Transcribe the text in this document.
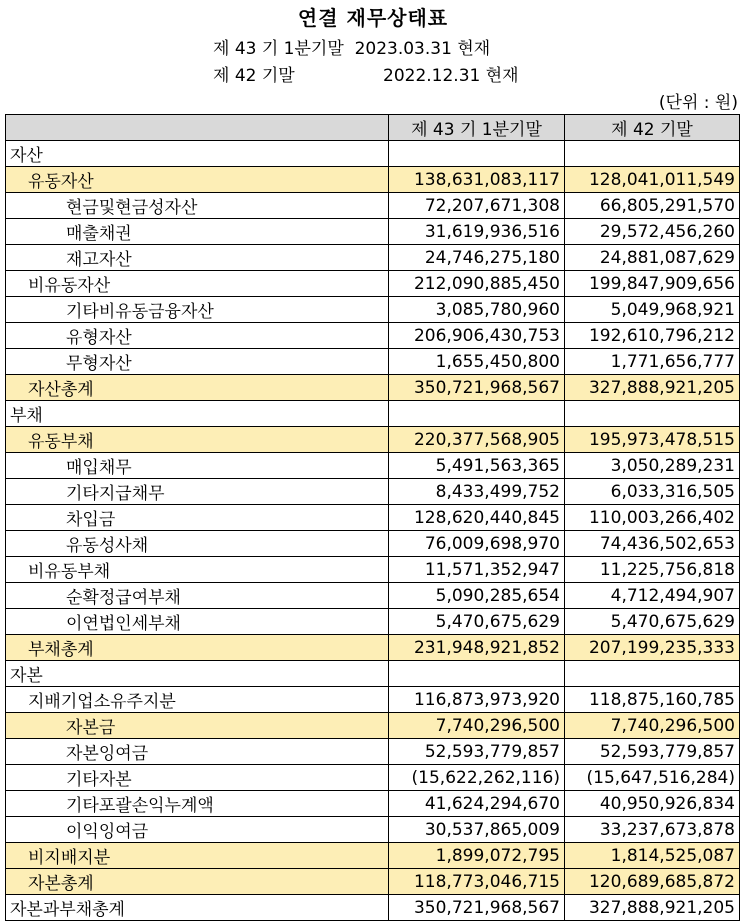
연결 재무상태표
제 43 기 1분기말  2023.03.31 현재
제 42 기말	2022.12.31 현재
(단위 : 원)
	제 43 기 1분기말	제 42 기말
자산		
유동자산	138,631,083,117	128,041,011,549
현금및현금성자산	72,207,671,308	66,805,291,570
매출채권	31,619,936,516	29,572,456,260
재고자산	24,746,275,180	24,881,087,629
비유동자산	212,090,885,450	199,847,909,656
기타비유동금융자산	3,085,780,960	5,049,968,921
유형자산	206,906,430,753	192,610,796,212
무형자산	1,655,450,800	1,771,656,777
자산총계	350,721,968,567	327,888,921,205
부채		
유동부채	220,377,568,905	195,973,478,515
매입채무	5,491,563,365	3,050,289,231
기타지급채무	8,433,499,752	6,033,316,505
차입금	128,620,440,845	110,003,266,402
유동성사채	76,009,698,970	74,436,502,653
비유동부채	11,571,352,947	11,225,756,818
순확정급여부채	5,090,285,654	4,712,494,907
이연법인세부채	5,470,675,629	5,470,675,629
부채총계	231,948,921,852	207,199,235,333
자본		
지배기업소유주지분	116,873,973,920	118,875,160,785
자본금	7,740,296,500	7,740,296,500
자본잉여금	52,593,779,857	52,593,779,857
기타자본	(15,622,262,116)	(15,647,516,284)
기타포괄손익누계액	41,624,294,670	40,950,926,834
이익잉여금	30,537,865,009	33,237,673,878
비지배지분	1,899,072,795	1,814,525,087
자본총계	118,773,046,715	120,689,685,872
자본과부채총계	350,721,968,567	327,888,921,205
